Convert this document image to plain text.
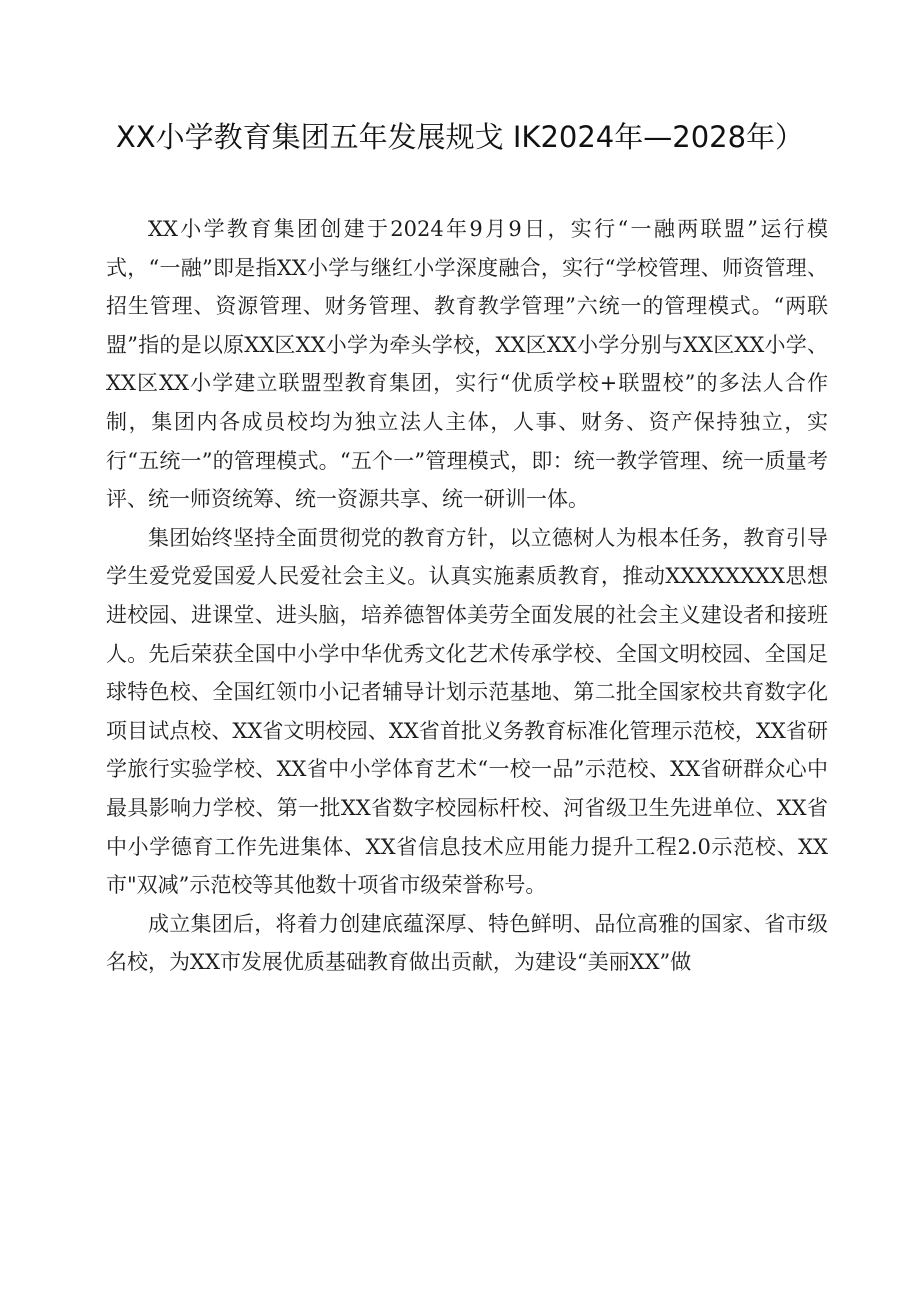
XX小学教育集团五年发展规戈 IK2024年—2028年）

XX小学教育集团创建于2024年9月9日，实行“一融两联盟”运行模式，“一融”即是指XX小学与继红小学深度融合，实行“学校管理、师资管理、招生管理、资源管理、财务管理、教育教学管理”六统一的管理模式。“两联盟”指的是以原XX区XX小学为牵头学校，XX区XX小学分别与XX区XX小学、XX区XX小学建立联盟型教育集团，实行“优质学校+联盟校”的多法人合作制，集团内各成员校均为独立法人主体，人事、财务、资产保持独立，实行“五统一”的管理模式。“五个一”管理模式，即：统一教学管理、统一质量考评、统一师资统筹、统一资源共享、统一研训一体。

集团始终坚持全面贯彻党的教育方针，以立德树人为根本任务，教育引导学生爱党爱国爱人民爱社会主义。认真实施素质教育，推动XXXXXXXX思想进校园、进课堂、进头脑，培养德智体美劳全面发展的社会主义建设者和接班人。先后荣获全国中小学中华优秀文化艺术传承学校、全国文明校园、全国足球特色校、全国红领巾小记者辅导计划示范基地、第二批全国家校共育数字化项目试点校、XX省文明校园、XX省首批义务教育标准化管理示范校，XX省研学旅行实验学校、XX省中小学体育艺术“一校一品”示范校、XX省研群众心中最具影响力学校、第一批XX省数字校园标杆校、河省级卫生先进单位、XX省中小学德育工作先进集体、XX省信息技术应用能力提升工程2.0示范校、XX市"双减”示范校等其他数十项省市级荣誉称号。

成立集团后，将着力创建底蕴深厚、特色鲜明、品位高雅的国家、省市级名校，为XX市发展优质基础教育做出贡献，为建设“美丽XX”做
